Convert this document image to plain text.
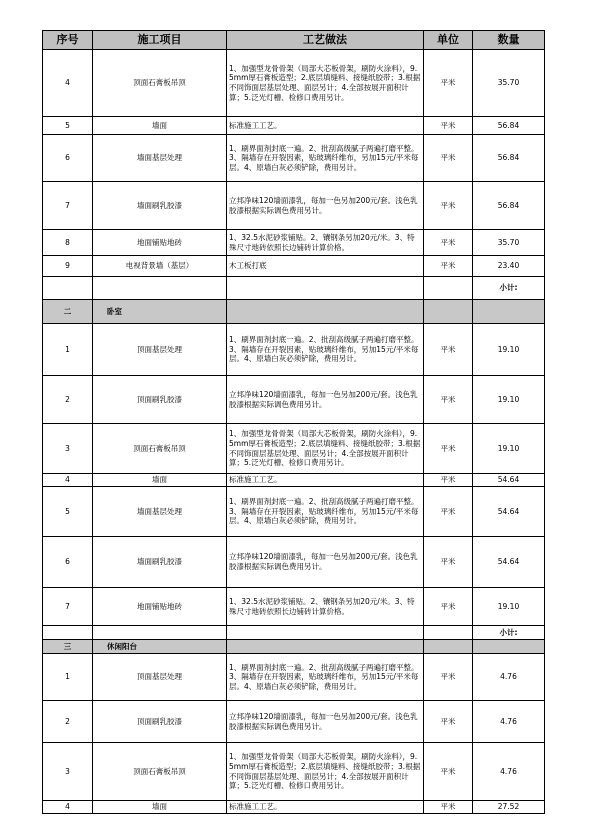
序号	施工项目	工艺做法	单位	数量

4	顶面石膏板吊顶	1、加强型龙骨骨架（局部大芯板骨架，刷防火涂料），9.5mm厚石膏板造型；2.底层填缝料、接缝纸胶带；3.根据不同饰面层基层处理、面层另计；4.全部按展开面积计算；5.泛光灯槽、检修口费用另计。	平米	35.70

5	墙面	标准施工工艺。	平米	56.84

6	墙面基层处理	1、刷界面剂封底一遍。2、批刮高级腻子两遍打磨平整。3、隔墙存在开裂因素，贴玻璃纤维布，另加15元/平米每层。4、原墙白灰必须铲除，费用另计。	平米	56.84

7	墙面刷乳胶漆	立邦净味120墙面漆乳，每加一色另加200元/套。浅色乳胶漆根据实际调色费用另计。	平米	56.84

8	地面铺贴地砖	1、32.5水泥砂浆铺贴。2、镶钢条另加20元/米。3、特殊尺寸地砖依照长边铺砖计算价格。	平米	35.70

9	电视背景墙（基层）	木工板打底	平米	23.40

				小计:

二	卧室			

1	顶面基层处理	1、刷界面剂封底一遍。2、批刮高级腻子两遍打磨平整。3、隔墙存在开裂因素，贴玻璃纤维布，另加15元/平米每层。4、原墙白灰必须铲除，费用另计。	平米	19.10

2	顶面刷乳胶漆	立邦净味120墙面漆乳，每加一色另加200元/套。浅色乳胶漆根据实际调色费用另计。	平米	19.10

3	顶面石膏板吊顶	1、加强型龙骨骨架（局部大芯板骨架，刷防火涂料），9.5mm厚石膏板造型；2.底层填缝料、接缝纸胶带；3.根据不同饰面层基层处理、面层另计；4.全部按展开面积计算；5.泛光灯槽、检修口费用另计。	平米	19.10

4	墙面	标准施工工艺。	平米	54.64

5	墙面基层处理	1、刷界面剂封底一遍。2、批刮高级腻子两遍打磨平整。3、隔墙存在开裂因素，贴玻璃纤维布，另加15元/平米每层。4、原墙白灰必须铲除，费用另计。	平米	54.64

6	墙面刷乳胶漆	立邦净味120墙面漆乳，每加一色另加200元/套。浅色乳胶漆根据实际调色费用另计。	平米	54.64

7	地面铺贴地砖	1、32.5水泥砂浆铺贴。2、镶钢条另加20元/米。3、特殊尺寸地砖依照长边铺砖计算价格。	平米	19.10

				小计:

三	休闲阳台			

1	顶面基层处理	1、刷界面剂封底一遍。2、批刮高级腻子两遍打磨平整。3、隔墙存在开裂因素，贴玻璃纤维布，另加15元/平米每层。4、原墙白灰必须铲除，费用另计。	平米	4.76

2	顶面刷乳胶漆	立邦净味120墙面漆乳，每加一色另加200元/套。浅色乳胶漆根据实际调色费用另计。	平米	4.76

3	顶面石膏板吊顶	1、加强型龙骨骨架（局部大芯板骨架，刷防火涂料），9.5mm厚石膏板造型；2.底层填缝料、接缝纸胶带；3.根据不同饰面层基层处理、面层另计；4.全部按展开面积计算；5.泛光灯槽、检修口费用另计。	平米	4.76

4	墙面	标准施工工艺。	平米	27.52
